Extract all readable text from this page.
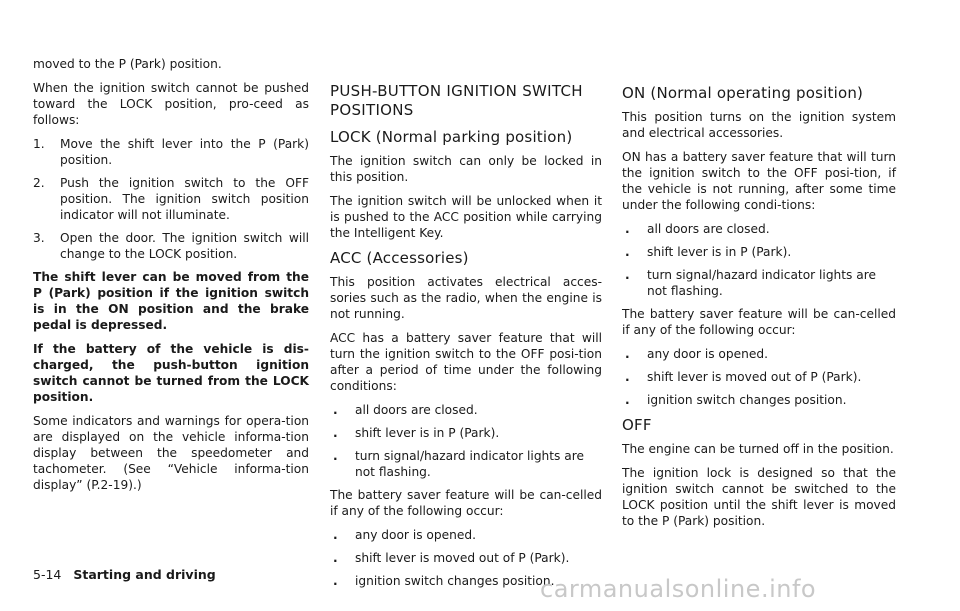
moved to the P (Park) position.

When the ignition switch cannot be pushed toward the LOCK position, pro-ceed as follows:

1. Move the shift lever into the P (Park) position.
2. Push the ignition switch to the OFF position. The ignition switch position indicator will not illuminate.
3. Open the door. The ignition switch will change to the LOCK position.

The shift lever can be moved from the P (Park) position if the ignition switch is in the ON position and the brake pedal is depressed.

If the battery of the vehicle is dis-charged, the push-button ignition switch cannot be turned from the LOCK position.

Some indicators and warnings for opera-tion are displayed on the vehicle informa-tion display between the speedometer and tachometer. (See “Vehicle informa-tion display” (P.2-19).)

PUSH-BUTTON IGNITION SWITCH POSITIONS
LOCK (Normal parking position)

The ignition switch can only be locked in this position.

The ignition switch will be unlocked when it is pushed to the ACC position while carrying the Intelligent Key.

ACC (Accessories)

This position activates electrical acces-sories such as the radio, when the engine is not running.

ACC has a battery saver feature that will turn the ignition switch to the OFF posi-tion after a period of time under the following conditions:

. all doors are closed.
. shift lever is in P (Park).
. turn signal/hazard indicator lights are not flashing.

The battery saver feature will be can-celled if any of the following occur:

. any door is opened.
. shift lever is moved out of P (Park).
. ignition switch changes position.
ON (Normal operating position)

This position turns on the ignition system and electrical accessories.

ON has a battery saver feature that will turn the ignition switch to the OFF posi-tion, if the vehicle is not running, after some time under the following condi-tions:

. all doors are closed.
. shift lever is in P (Park).
. turn signal/hazard indicator lights are not flashing.

The battery saver feature will be can-celled if any of the following occur:

. any door is opened.
. shift lever is moved out of P (Park).
. ignition switch changes position.
OFF

The engine can be turned off in the position.

The ignition lock is designed so that the ignition switch cannot be switched to the LOCK position until the shift lever is moved to the P (Park) position.

5-14 Starting and driving
carmanualsonline.info
